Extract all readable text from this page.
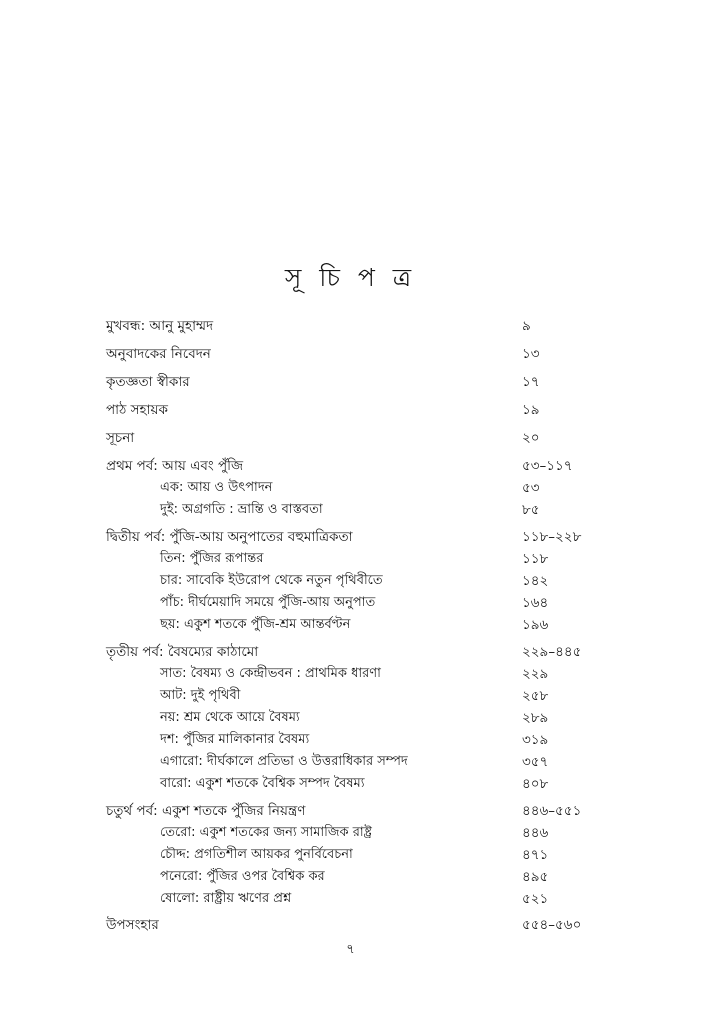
সূ চি প ত্র
মুখবন্ধ: আনু মুহাম্মদ	৯
অনুবাদকের নিবেদন	১৩
কৃতজ্ঞতা স্বীকার	১৭
পাঠ সহায়ক	১৯
সূচনা	২০
প্রথম পর্ব: আয় এবং পুঁজি	৫৩–১১৭
এক: আয় ও উৎপাদন	৫৩
দুই: অগ্রগতি : ভ্রান্তি ও বাস্তবতা	৮৫
দ্বিতীয় পর্ব: পুঁজি-আয় অনুপাতের বহুমাত্রিকতা	১১৮–২২৮
তিন: পুঁজির রূপান্তর	১১৮
চার: সাবেকি ইউরোপ থেকে নতুন পৃথিবীতে	১৪২
পাঁচ: দীর্ঘমেয়াদি সময়ে পুঁজি-আয় অনুপাত	১৬৪
ছয়: একুশ শতকে পুঁজি-শ্রম আন্তর্বণ্টন	১৯৬
তৃতীয় পর্ব: বৈষম্যের কাঠামো	২২৯–৪৪৫
সাত: বৈষম্য ও কেন্দ্রীভবন : প্রাথমিক ধারণা	২২৯
আট: দুই পৃথিবী	২৫৮
নয়: শ্রম থেকে আয়ে বৈষম্য	২৮৯
দশ: পুঁজির মালিকানার বৈষম্য	৩১৯
এগারো: দীর্ঘকালে প্রতিভা ও উত্তরাধিকার সম্পদ	৩৫৭
বারো: একুশ শতকে বৈশ্বিক সম্পদ বৈষম্য	৪০৮
চতুর্থ পর্ব: একুশ শতকে পুঁজির নিয়ন্ত্রণ	৪৪৬–৫৫১
তেরো: একুশ শতকের জন্য সামাজিক রাষ্ট্র	৪৪৬
চৌদ্দ: প্রগতিশীল আয়কর পুনর্বিবেচনা	৪৭১
পনেরো: পুঁজির ওপর বৈশ্বিক কর	৪৯৫
ষোলো: রাষ্ট্রীয় ঋণের প্রশ্ন	৫২১
উপসংহার	৫৫৪–৫৬০
৭
